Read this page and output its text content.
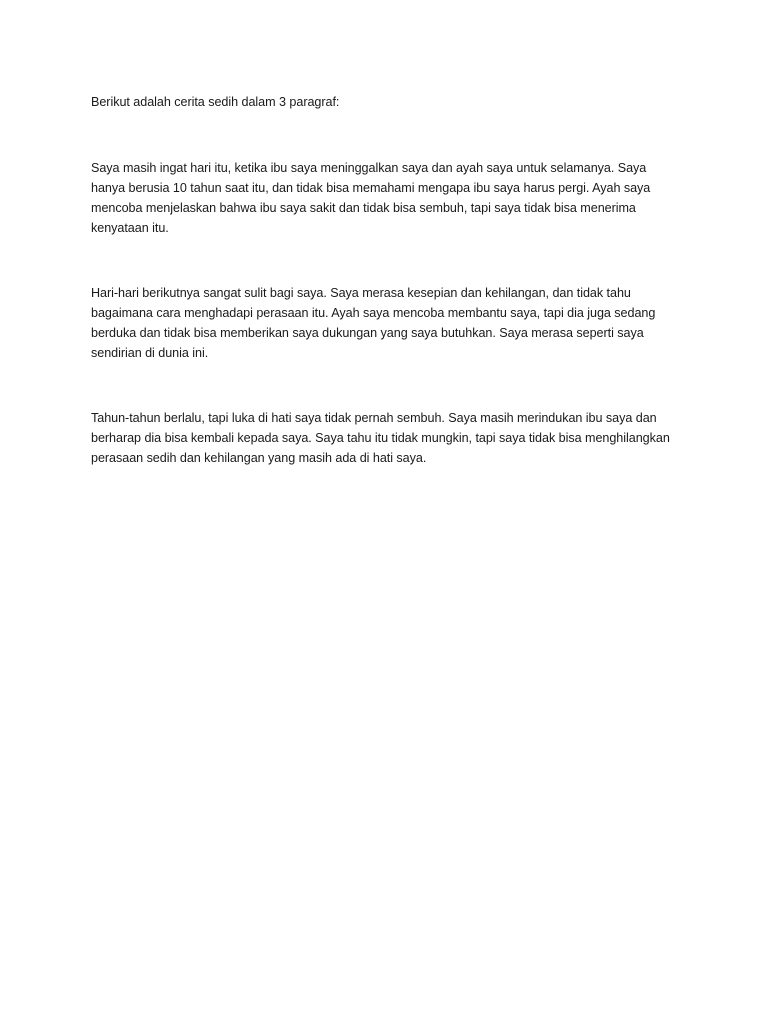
Berikut adalah cerita sedih dalam 3 paragraf:

Saya masih ingat hari itu, ketika ibu saya meninggalkan saya dan ayah saya untuk selamanya. Saya hanya berusia 10 tahun saat itu, dan tidak bisa memahami mengapa ibu saya harus pergi. Ayah saya mencoba menjelaskan bahwa ibu saya sakit dan tidak bisa sembuh, tapi saya tidak bisa menerima kenyataan itu.

Hari-hari berikutnya sangat sulit bagi saya. Saya merasa kesepian dan kehilangan, dan tidak tahu bagaimana cara menghadapi perasaan itu. Ayah saya mencoba membantu saya, tapi dia juga sedang berduka dan tidak bisa memberikan saya dukungan yang saya butuhkan. Saya merasa seperti saya sendirian di dunia ini.

Tahun-tahun berlalu, tapi luka di hati saya tidak pernah sembuh. Saya masih merindukan ibu saya dan berharap dia bisa kembali kepada saya. Saya tahu itu tidak mungkin, tapi saya tidak bisa menghilangkan perasaan sedih dan kehilangan yang masih ada di hati saya.
